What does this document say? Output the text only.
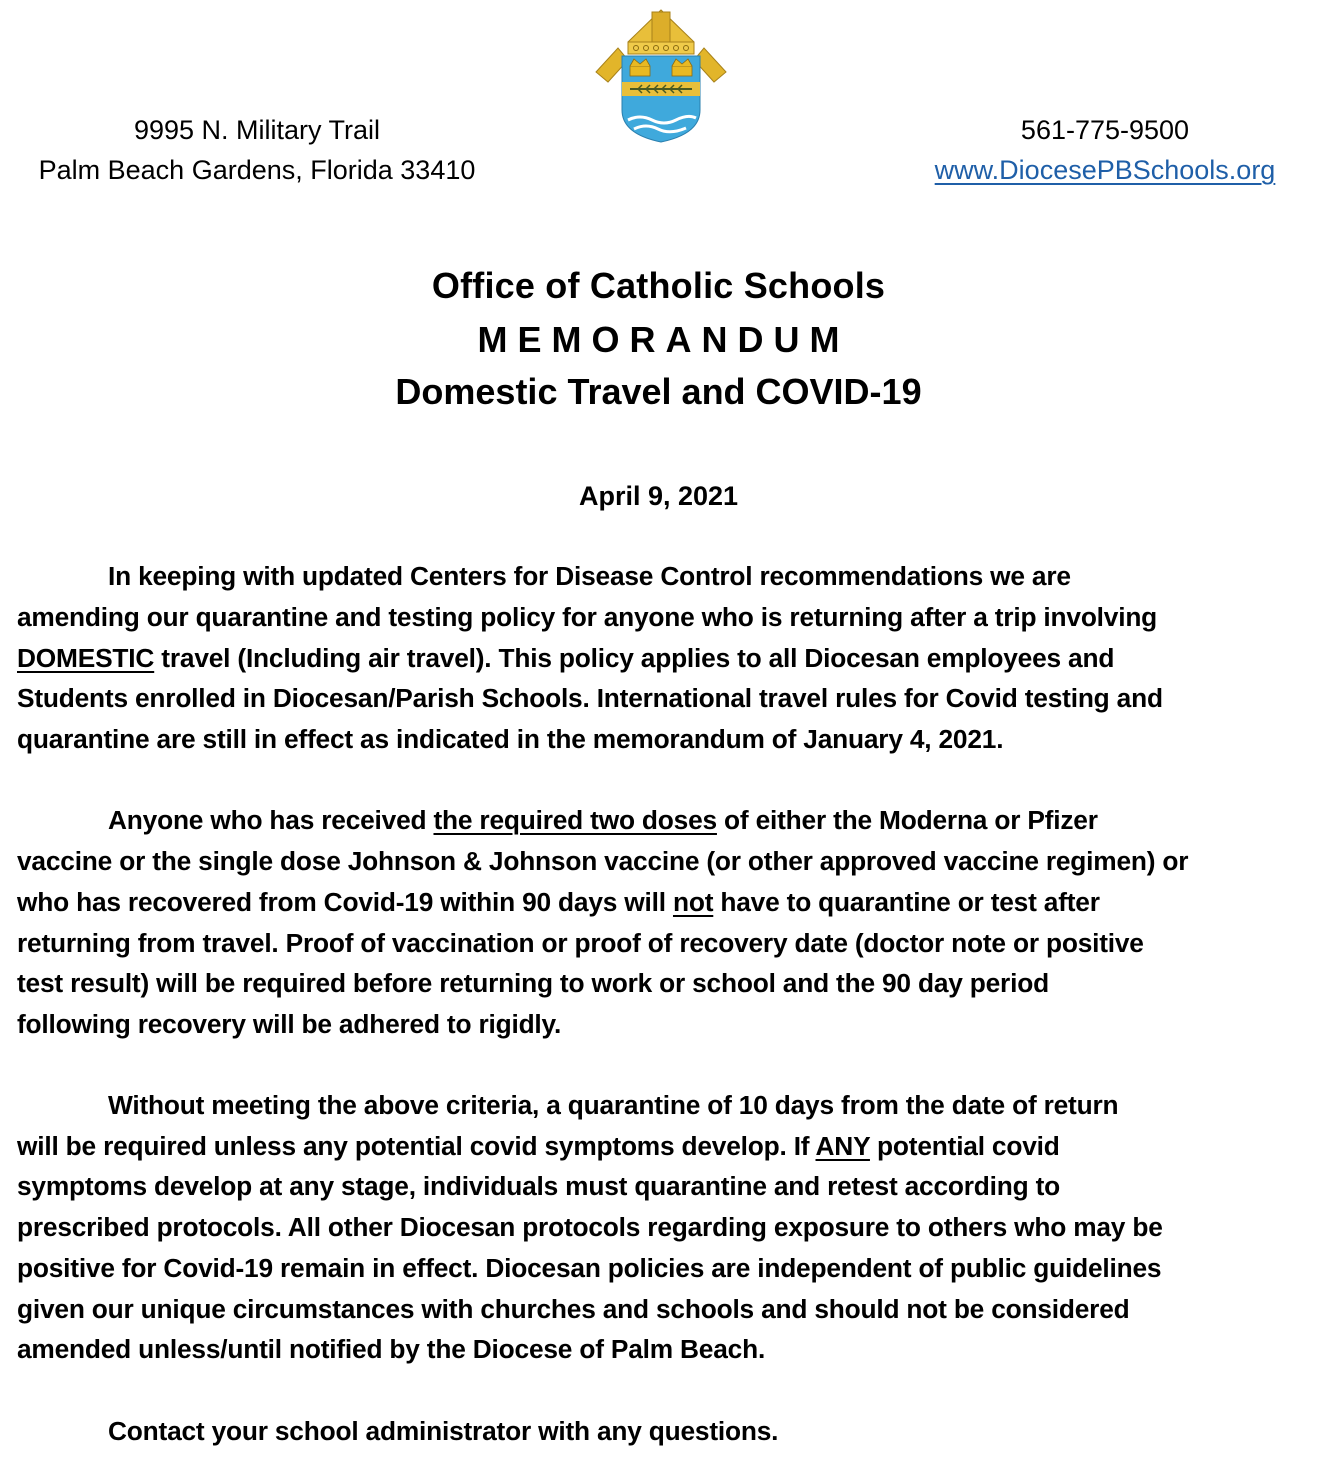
9995 N. Military Trail
Palm Beach Gardens, Florida 33410
561-775-9500
www.DiocesePBSchools.org
Office of Catholic Schools
MEMORANDUM
Domestic Travel and COVID-19
April 9, 2021
In keeping with updated Centers for Disease Control recommendations we are
amending our quarantine and testing policy for anyone who is returning after a trip involving
DOMESTIC travel (Including air travel). This policy applies to all Diocesan employees and
Students enrolled in Diocesan/Parish Schools. International travel rules for Covid testing and
quarantine are still in effect as indicated in the memorandum of January 4, 2021.
Anyone who has received the required two doses of either the Moderna or Pfizer
vaccine or the single dose Johnson & Johnson vaccine (or other approved vaccine regimen) or
who has recovered from Covid-19 within 90 days will not have to quarantine or test after
returning from travel. Proof of vaccination or proof of recovery date (doctor note or positive
test result) will be required before returning to work or school and the 90 day period
following recovery will be adhered to rigidly.
Without meeting the above criteria, a quarantine of 10 days from the date of return
will be required unless any potential covid symptoms develop. If ANY potential covid
symptoms develop at any stage, individuals must quarantine and retest according to
prescribed protocols. All other Diocesan protocols regarding exposure to others who may be
positive for Covid-19 remain in effect. Diocesan policies are independent of public guidelines
given our unique circumstances with churches and schools and should not be considered
amended unless/until notified by the Diocese of Palm Beach.
Contact your school administrator with any questions.
